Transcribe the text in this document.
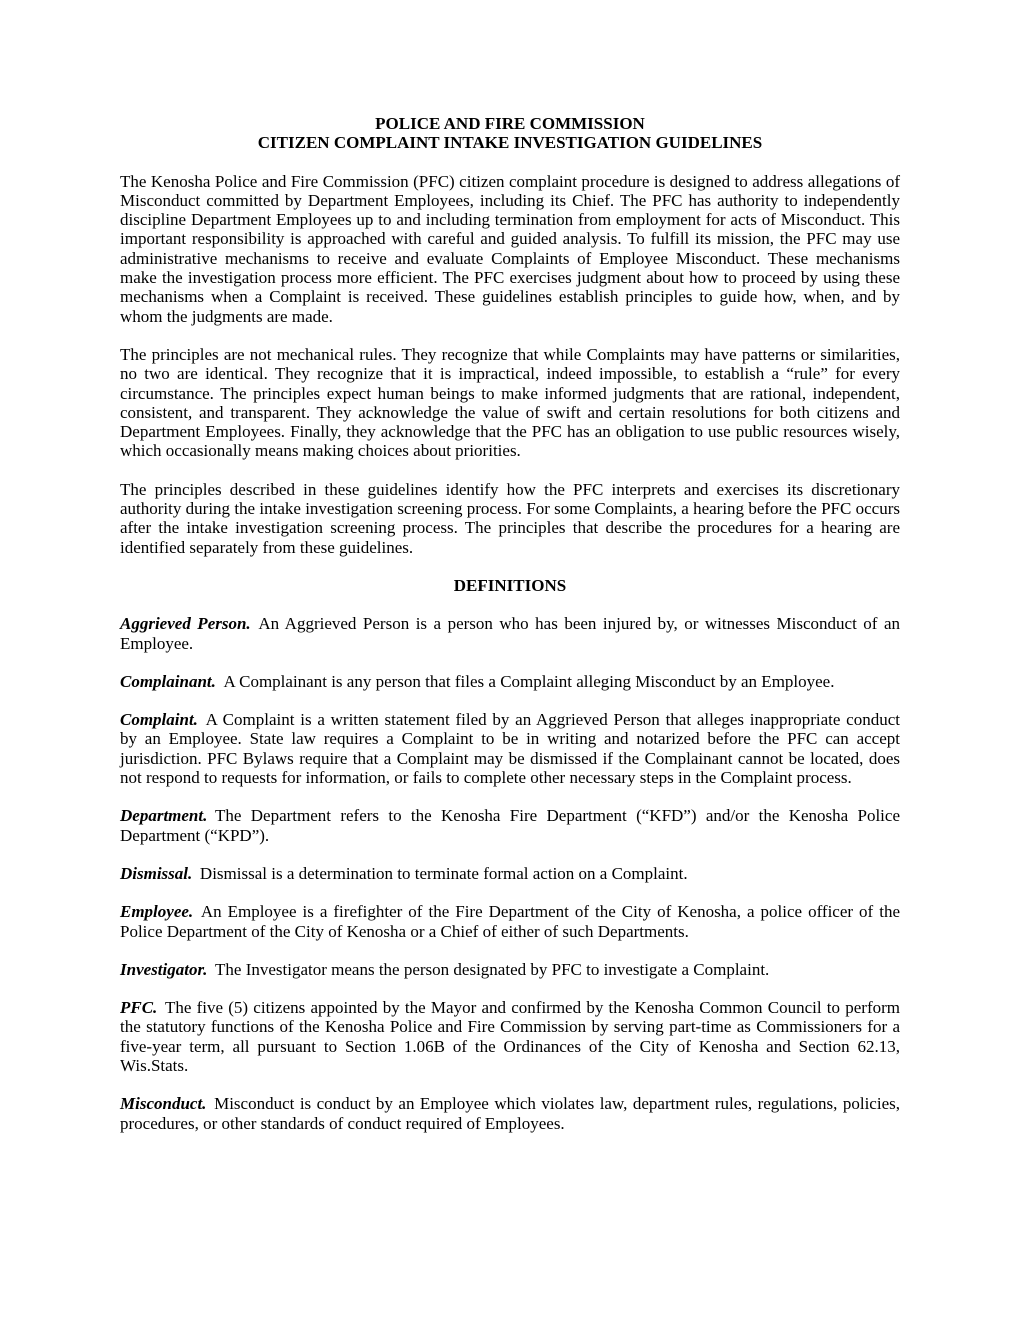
POLICE AND FIRE COMMISSION
CITIZEN COMPLAINT INTAKE INVESTIGATION GUIDELINES

The Kenosha Police and Fire Commission (PFC) citizen complaint procedure is designed to address allegations of Misconduct committed by Department Employees, including its Chief. The PFC has authority to independently discipline Department Employees up to and including termination from employment for acts of Misconduct. This important responsibility is approached with careful and guided analysis. To fulfill its mission, the PFC may use administrative mechanisms to receive and evaluate Complaints of Employee Misconduct. These mechanisms make the investigation process more efficient. The PFC exercises judgment about how to proceed by using these mechanisms when a Complaint is received. These guidelines establish principles to guide how, when, and by whom the judgments are made.

The principles are not mechanical rules. They recognize that while Complaints may have patterns or similarities, no two are identical. They recognize that it is impractical, indeed impossible, to establish a “rule” for every circumstance. The principles expect human beings to make informed judgments that are rational, independent, consistent, and transparent. They acknowledge the value of swift and certain resolutions for both citizens and Department Employees. Finally, they acknowledge that the PFC has an obligation to use public resources wisely, which occasionally means making choices about priorities.

The principles described in these guidelines identify how the PFC interprets and exercises its discretionary authority during the intake investigation screening process. For some Complaints, a hearing before the PFC occurs after the intake investigation screening process. The principles that describe the procedures for a hearing are identified separately from these guidelines.

DEFINITIONS

Aggrieved Person. An Aggrieved Person is a person who has been injured by, or witnesses Misconduct of an Employee.

Complainant. A Complainant is any person that files a Complaint alleging Misconduct by an Employee.

Complaint. A Complaint is a written statement filed by an Aggrieved Person that alleges inappropriate conduct by an Employee. State law requires a Complaint to be in writing and notarized before the PFC can accept jurisdiction. PFC Bylaws require that a Complaint may be dismissed if the Complainant cannot be located, does not respond to requests for information, or fails to complete other necessary steps in the Complaint process.

Department. The Department refers to the Kenosha Fire Department (“KFD”) and/or the Kenosha Police Department (“KPD”).

Dismissal. Dismissal is a determination to terminate formal action on a Complaint.

Employee. An Employee is a firefighter of the Fire Department of the City of Kenosha, a police officer of the Police Department of the City of Kenosha or a Chief of either of such Departments.

Investigator. The Investigator means the person designated by PFC to investigate a Complaint.

PFC. The five (5) citizens appointed by the Mayor and confirmed by the Kenosha Common Council to perform the statutory functions of the Kenosha Police and Fire Commission by serving part-time as Commissioners for a five-year term, all pursuant to Section 1.06B of the Ordinances of the City of Kenosha and Section 62.13, Wis.Stats.

Misconduct. Misconduct is conduct by an Employee which violates law, department rules, regulations, policies, procedures, or other standards of conduct required of Employees.
